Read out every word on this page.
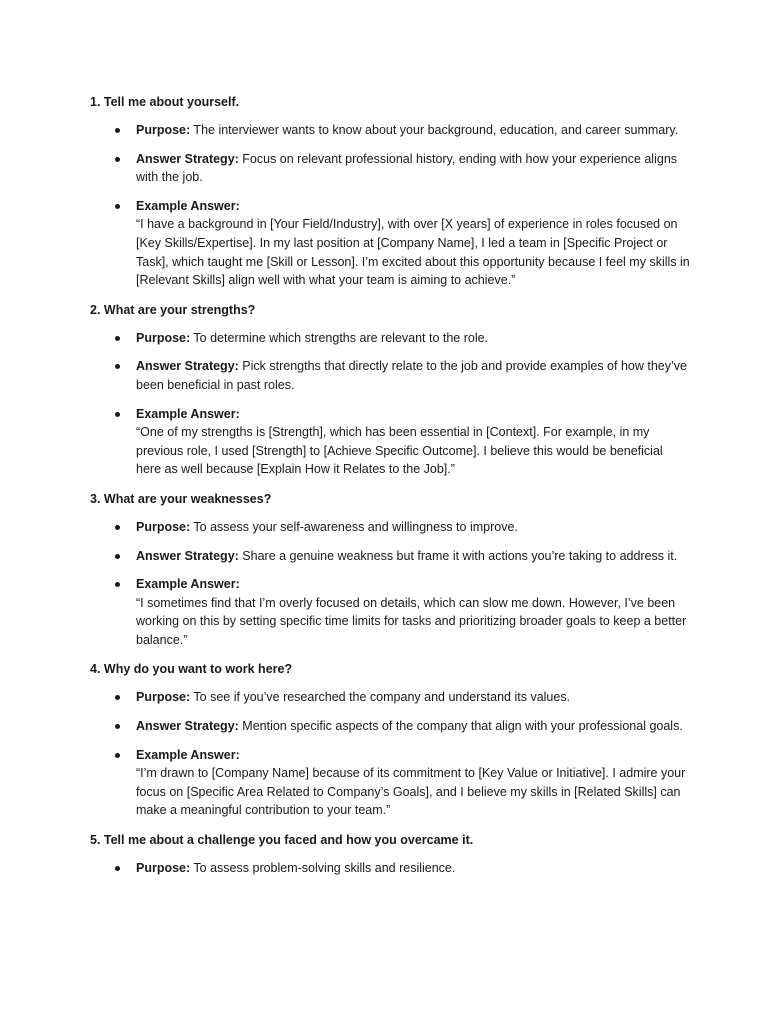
1. Tell me about yourself.
Purpose: The interviewer wants to know about your background, education, and career summary.
Answer Strategy: Focus on relevant professional history, ending with how your experience aligns with the job.
Example Answer:
“I have a background in [Your Field/Industry], with over [X years] of experience in roles focused on [Key Skills/Expertise]. In my last position at [Company Name], I led a team in [Specific Project or Task], which taught me [Skill or Lesson]. I’m excited about this opportunity because I feel my skills in [Relevant Skills] align well with what your team is aiming to achieve.”
2. What are your strengths?
Purpose: To determine which strengths are relevant to the role.
Answer Strategy: Pick strengths that directly relate to the job and provide examples of how they’ve been beneficial in past roles.
Example Answer:
“One of my strengths is [Strength], which has been essential in [Context]. For example, in my previous role, I used [Strength] to [Achieve Specific Outcome]. I believe this would be beneficial here as well because [Explain How it Relates to the Job].”
3. What are your weaknesses?
Purpose: To assess your self-awareness and willingness to improve.
Answer Strategy: Share a genuine weakness but frame it with actions you’re taking to address it.
Example Answer:
“I sometimes find that I’m overly focused on details, which can slow me down. However, I’ve been working on this by setting specific time limits for tasks and prioritizing broader goals to keep a better balance.”
4. Why do you want to work here?
Purpose: To see if you’ve researched the company and understand its values.
Answer Strategy: Mention specific aspects of the company that align with your professional goals.
Example Answer:
“I’m drawn to [Company Name] because of its commitment to [Key Value or Initiative]. I admire your focus on [Specific Area Related to Company’s Goals], and I believe my skills in [Related Skills] can make a meaningful contribution to your team.”
5. Tell me about a challenge you faced and how you overcame it.
Purpose: To assess problem-solving skills and resilience.
